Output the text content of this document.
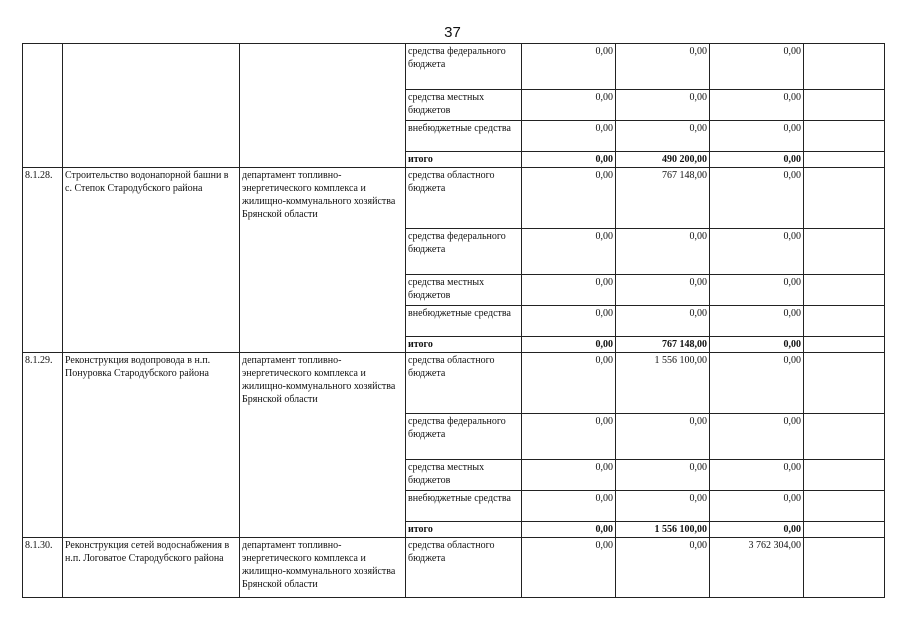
37
			средства федерального бюджета	0,00	0,00	0,00	
			средства местных бюджетов	0,00	0,00	0,00	
			внебюджетные средства	0,00	0,00	0,00	
			итого	0,00	490 200,00	0,00	
8.1.28.	Строительство водонапорной башни в с. Степок Стародубского района	департамент топливно-энергетического комплекса и жилищно-коммунального хозяйства Брянской области	средства областного бюджета	0,00	767 148,00	0,00	
			средства федерального бюджета	0,00	0,00	0,00	
			средства местных бюджетов	0,00	0,00	0,00	
			внебюджетные средства	0,00	0,00	0,00	
			итого	0,00	767 148,00	0,00	
8.1.29.	Реконструкция водопровода в н.п. Понуровка Стародубского района	департамент топливно-энергетического комплекса и жилищно-коммунального хозяйства Брянской области	средства областного бюджета	0,00	1 556 100,00	0,00	
			средства федерального бюджета	0,00	0,00	0,00	
			средства местных бюджетов	0,00	0,00	0,00	
			внебюджетные средства	0,00	0,00	0,00	
			итого	0,00	1 556 100,00	0,00	
8.1.30.	Реконструкция сетей водоснабжения в н.п. Логоватое Стародубского района	департамент топливно-энергетического комплекса и жилищно-коммунального хозяйства Брянской области	средства областного бюджета	0,00	0,00	3 762 304,00	
